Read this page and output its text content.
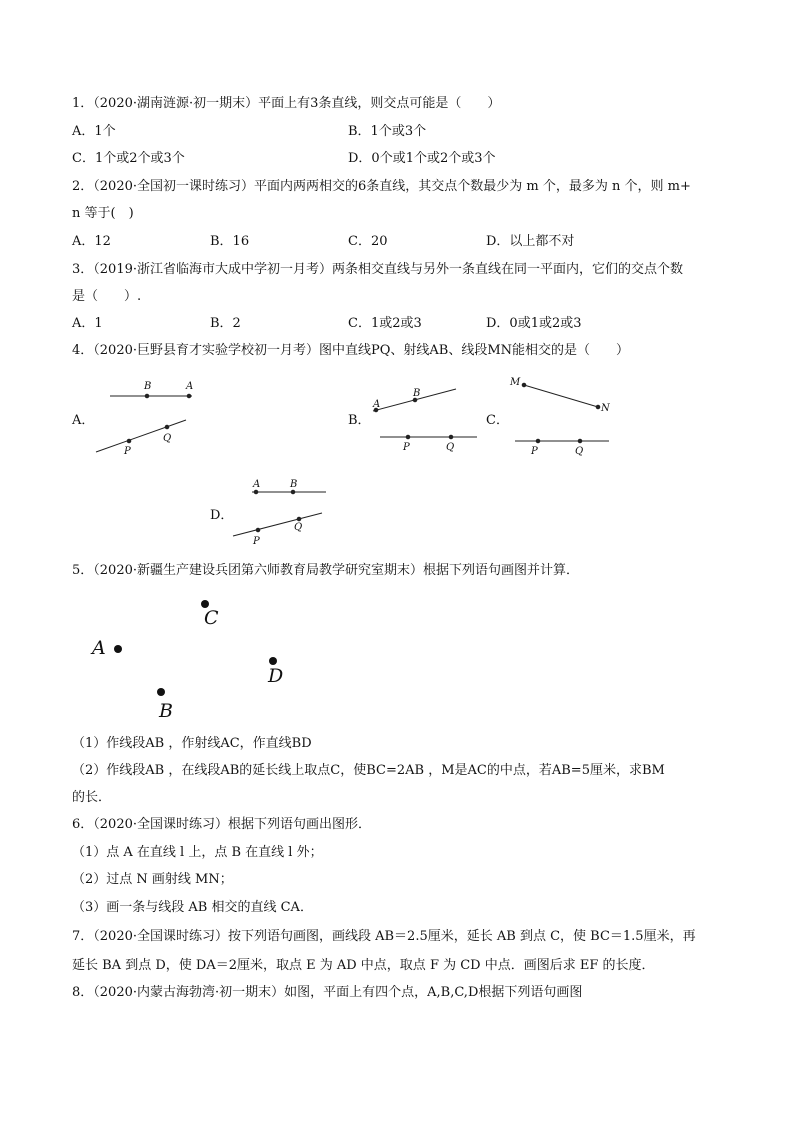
1．（2020·湖南涟源·初一期末）平面上有3条直线，则交点可能是（　　）
A．1个	B．1个或3个
C．1个或2个或3个	D．0个或1个或2个或3个
2．（2020·全国初一课时练习）平面内两两相交的6条直线，其交点个数最少为 m 个，最多为 n 个，则 m+
n 等于(　)
A．12	B．16	C．20	D．以上都不对
3．（2019·浙江省临海市大成中学初一月考）两条相交直线与另外一条直线在同一平面内，它们的交点个数
是（　　）.
A．1	B．2	C．1或2或3	D．0或1或2或3
4．（2020·巨野县育才实验学校初一月考）图中直线PQ、射线AB、线段MN能相交的是（　　）
A．	B．	C．
D．
B	A
P
Q
A
B
P	Q
M
N
P	Q
A	B
P
Q
C
A
D
B
5．（2020·新疆生产建设兵团第六师教育局教学研究室期末）根据下列语句画图并计算．
（1）作线段AB ，作射线AC，作直线BD
（2）作线段AB ，在线段AB的延长线上取点C，使BC=2AB ，M是AC的中点，若AB=5厘米，求BM
的长．
6．（2020·全国课时练习）根据下列语句画出图形．
（1）点 A 在直线 l 上，点 B 在直线 l 外；
（2）过点 N 画射线 MN；
（3）画一条与线段 AB 相交的直线 CA．
7．（2020·全国课时练习）按下列语句画图，画线段 AB＝2.5厘米，延长 AB 到点 C，使 BC＝1.5厘米，再
延长 BA 到点 D，使 DA＝2厘米，取点 E 为 AD 中点，取点 F 为 CD 中点．画图后求 EF 的长度．
8．（2020·内蒙古海勃湾·初一期末）如图，平面上有四个点，A,B,C,D根据下列语句画图
